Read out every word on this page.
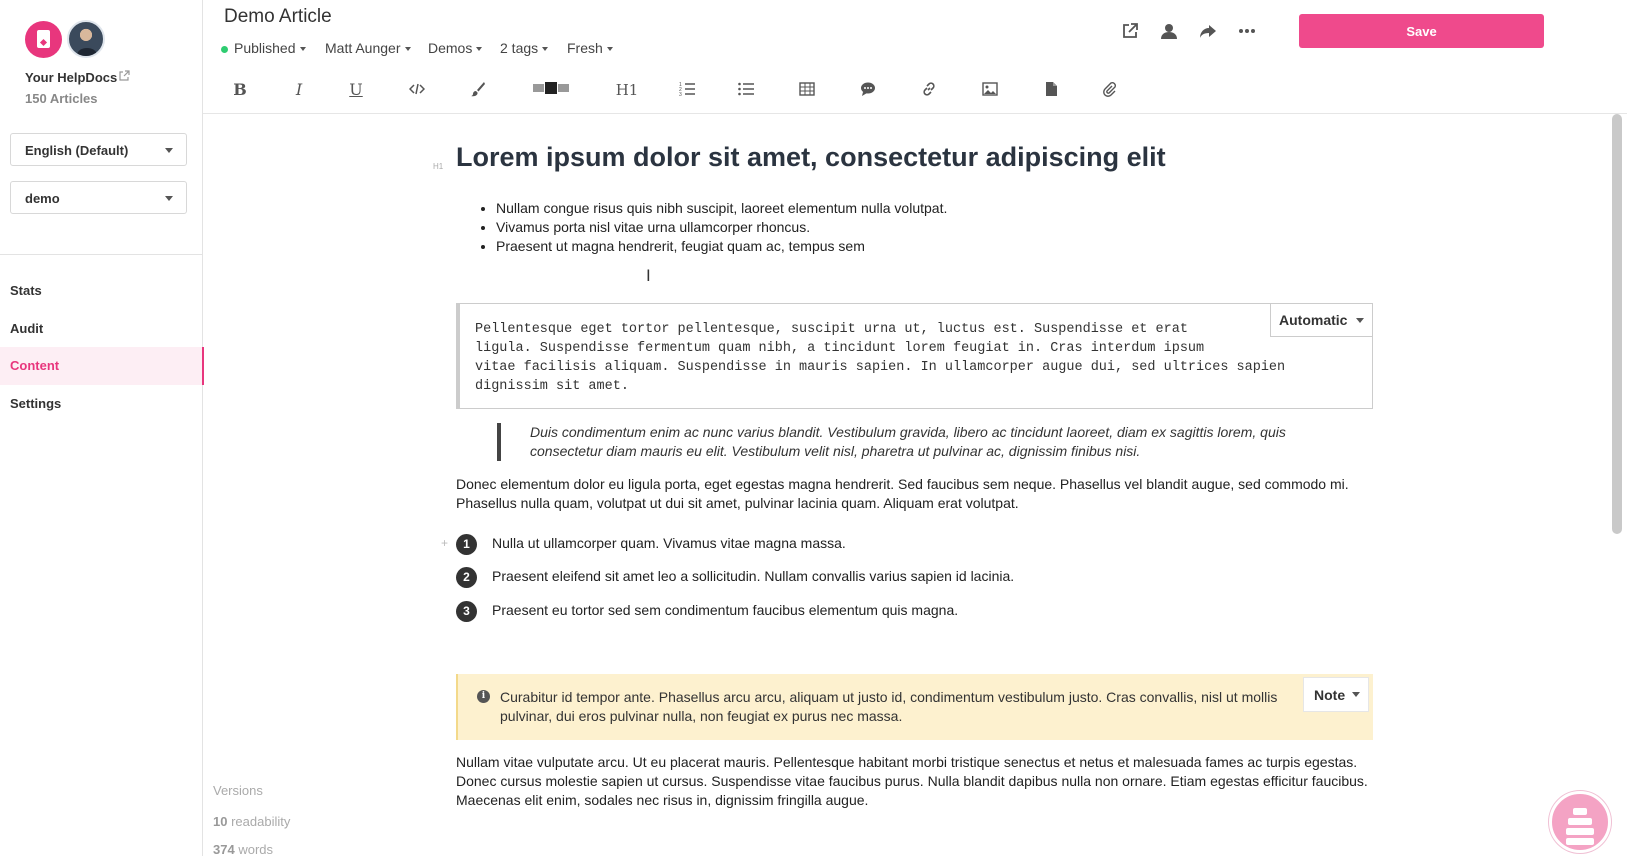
Your HelpDocs
150 Articles
English (Default)
demo
Stats
Audit
Content
Settings
Versions
10 readability
374 words
Demo Article
Published	Matt Aunger	Demos	2 tags	Fresh
Save
B	I	U	H1	1
2
3
H1 Lorem ipsum dolor sit amet, consectetur adipiscing elit
• Nullam congue risus quis nibh suscipit, laoreet elementum nulla volutpat.
• Vivamus porta nisl vitae urna ullamcorper rhoncus.
• Praesent ut magna hendrerit, feugiat quam ac, tempus sem
I
Pellentesque eget tortor pellentesque, suscipit urna ut, luctus est. Suspendisse et erat
ligula. Suspendisse fermentum quam nibh, a tincidunt lorem feugiat in. Cras interdum ipsum
vitae facilisis aliquam. Suspendisse in mauris sapien. In ullamcorper augue dui, sed ultrices sapien
dignissim sit amet.
Automatic
Duis condimentum enim ac nunc varius blandit. Vestibulum gravida, libero ac tincidunt laoreet, diam ex sagittis lorem, quis consectetur diam mauris eu elit. Vestibulum velit nisl, pharetra ut pulvinar ac, dignissim finibus nisi.
Donec elementum dolor eu ligula porta, eget egestas magna hendrerit. Sed faucibus sem neque. Phasellus vel blandit augue, sed commodo mi. Phasellus nulla quam, volutpat ut dui sit amet, pulvinar lacinia quam. Aliquam erat volutpat.
+	1	Nulla ut ullamcorper quam. Vivamus vitae magna massa.
2	Praesent eleifend sit amet leo a sollicitudin. Nullam convallis varius sapien id lacinia.
3	Praesent eu tortor sed sem condimentum faucibus elementum quis magna.
i	Curabitur id tempor ante. Phasellus arcu arcu, aliquam ut justo id, condimentum vestibulum justo. Cras convallis, nisl ut mollis pulvinar, dui eros pulvinar nulla, non feugiat ex purus nec massa.
Note
Nullam vitae vulputate arcu. Ut eu placerat mauris. Pellentesque habitant morbi tristique senectus et netus et malesuada fames ac turpis egestas. Donec cursus molestie sapien ut cursus. Suspendisse vitae faucibus purus. Nulla blandit dapibus nulla non ornare. Etiam egestas efficitur faucibus. Maecenas elit enim, sodales nec risus in, dignissim fringilla augue.
